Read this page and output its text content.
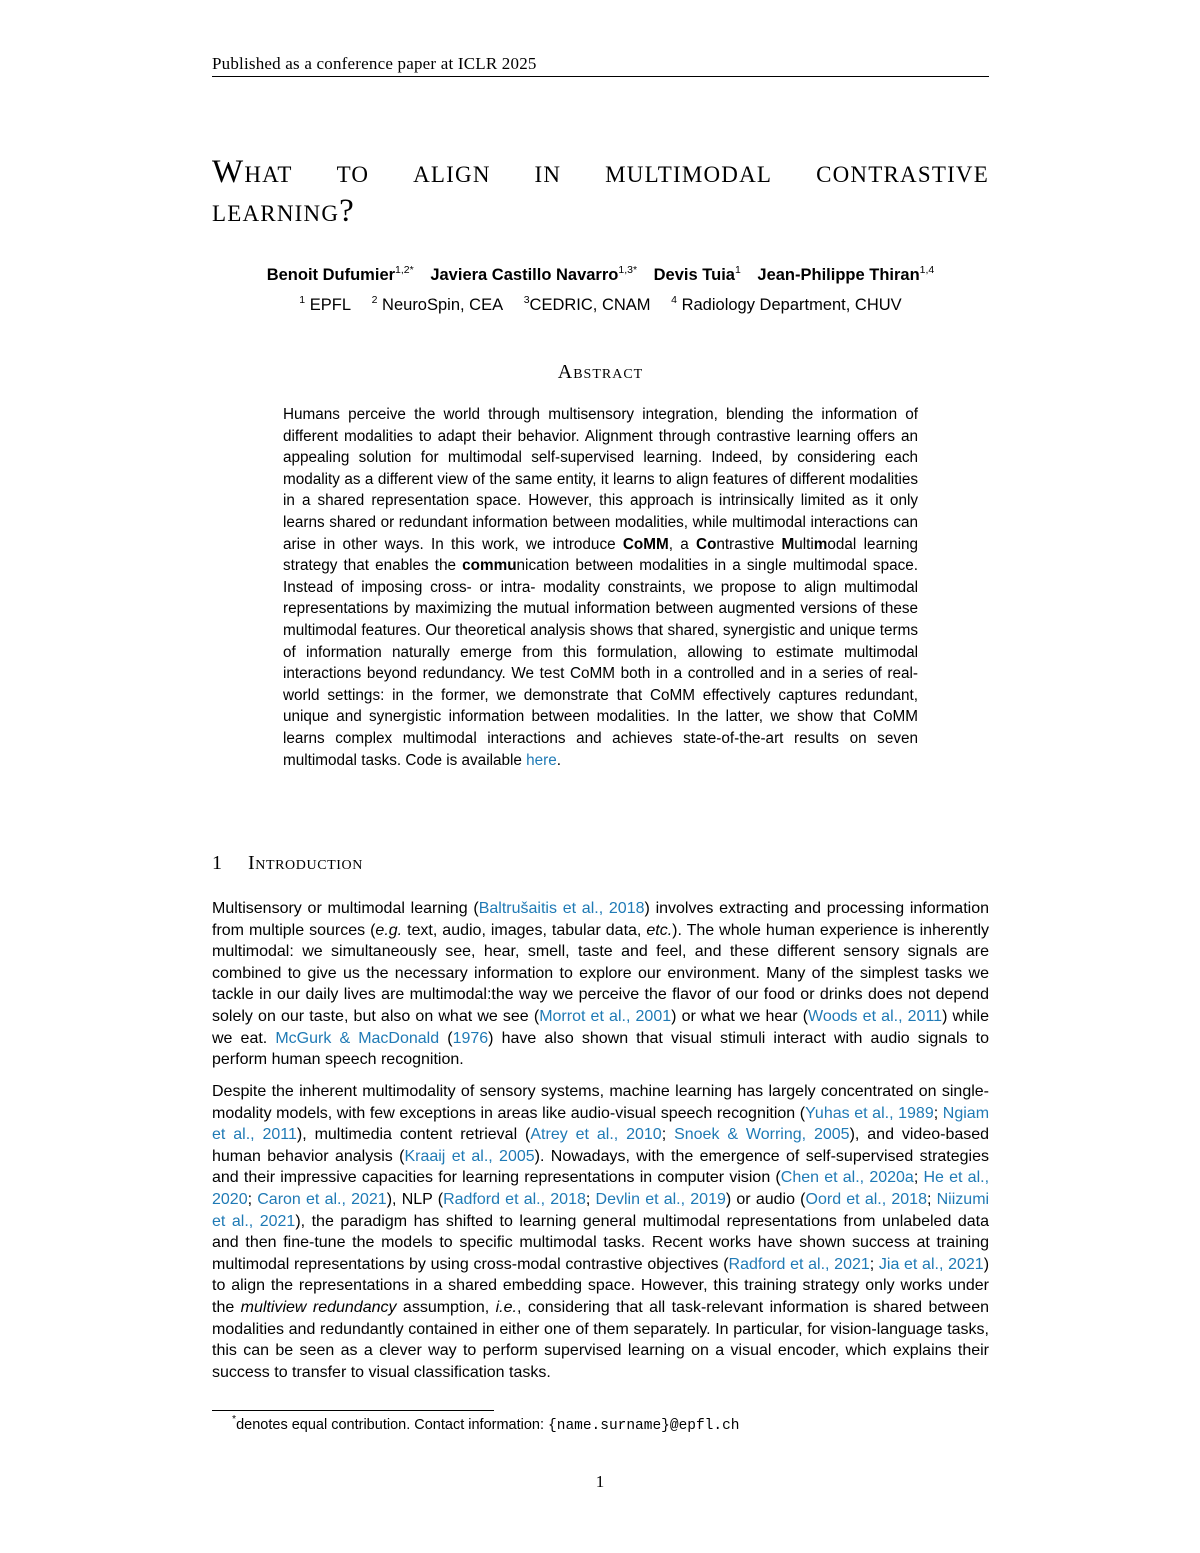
Published as a conference paper at ICLR 2025
What to align in multimodal contrastive learning?
Benoit Dufumier$^{1,2*}$ Javiera Castillo Navarro$^{1,3*}$ Devis Tuia$^1$ Jean-Philippe Thiran$^{1,4}$
$^1$ EPFL $^2$ NeuroSpin, CEA $^3$CEDRIC, CNAM $^4$ Radiology Department, CHUV
Abstract
Humans perceive the world through multisensory integration, blending the information of different modalities to adapt their behavior. Alignment through contrastive learning offers an appealing solution for multimodal self-supervised learning. Indeed, by considering each modality as a different view of the same entity, it learns to align features of different modalities in a shared representation space. However, this approach is intrinsically limited as it only learns shared or redundant information between modalities, while multimodal interactions can arise in other ways. In this work, we introduce CoMM, a Contrastive Multimodal learning strategy that enables the communication between modalities in a single multimodal space. Instead of imposing cross- or intra- modality constraints, we propose to align multimodal representations by maximizing the mutual information between augmented versions of these multimodal features. Our theoretical analysis shows that shared, synergistic and unique terms of information naturally emerge from this formulation, allowing to estimate multimodal interactions beyond redundancy. We test CoMM both in a controlled and in a series of real-world settings: in the former, we demonstrate that CoMM effectively captures redundant, unique and synergistic information between modalities. In the latter, we show that CoMM learns complex multimodal interactions and achieves state-of-the-art results on seven multimodal tasks. Code is available here.
1 Introduction
Multisensory or multimodal learning (Baltrušaitis et al., 2018) involves extracting and processing information from multiple sources (e.g. text, audio, images, tabular data, etc.). The whole human experience is inherently multimodal: we simultaneously see, hear, smell, taste and feel, and these different sensory signals are combined to give us the necessary information to explore our environment. Many of the simplest tasks we tackle in our daily lives are multimodal:the way we perceive the flavor of our food or drinks does not depend solely on our taste, but also on what we see (Morrot et al., 2001) or what we hear (Woods et al., 2011) while we eat. McGurk & MacDonald (1976) have also shown that visual stimuli interact with audio signals to perform human speech recognition.
Despite the inherent multimodality of sensory systems, machine learning has largely concentrated on single-modality models, with few exceptions in areas like audio-visual speech recognition (Yuhas et al., 1989; Ngiam et al., 2011), multimedia content retrieval (Atrey et al., 2010; Snoek & Worring, 2005), and video-based human behavior analysis (Kraaij et al., 2005). Nowadays, with the emergence of self-supervised strategies and their impressive capacities for learning representations in computer vision (Chen et al., 2020a; He et al., 2020; Caron et al., 2021), NLP (Radford et al., 2018; Devlin et al., 2019) or audio (Oord et al., 2018; Niizumi et al., 2021), the paradigm has shifted to learning general multimodal representations from unlabeled data and then fine-tune the models to specific multimodal tasks. Recent works have shown success at training multimodal representations by using cross-modal contrastive objectives (Radford et al., 2021; Jia et al., 2021) to align the representations in a shared embedding space. However, this training strategy only works under the multiview redundancy assumption, i.e., considering that all task-relevant information is shared between modalities and redundantly contained in either one of them separately. In particular, for vision-language tasks, this can be seen as a clever way to perform supervised learning on a visual encoder, which explains their success to transfer to visual classification tasks.
*denotes equal contribution. Contact information: {name.surname}@epfl.ch
1
